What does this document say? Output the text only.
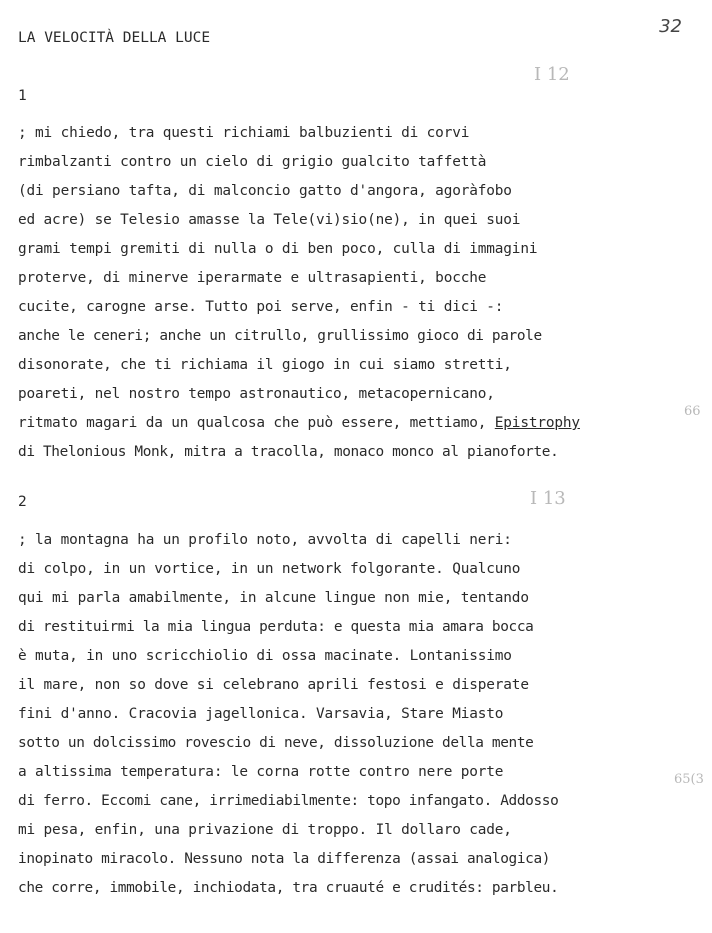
LA VELOCITÀ DELLA LUCE
32
I 12
I 13
66
65(3
1
; mi chiedo, tra questi richiami balbuzienti di corvi
rimbalzanti contro un cielo di grigio gualcito taffettà
(di persiano tafta, di malconcio gatto d'angora, agoràfobo
ed acre) se Telesio amasse la Tele(vi)sio(ne), in quei suoi
grami tempi gremiti di nulla o di ben poco, culla di immagini
proterve, di minerve iperarmate e ultrasapienti, bocche
cucite, carogne arse. Tutto poi serve, enfin - ti dici -:
anche le ceneri; anche un citrullo, grullissimo gioco di parole
disonorate, che ti richiama il giogo in cui siamo stretti,
poareti, nel nostro tempo astronautico, metacopernicano,
ritmato magari da un qualcosa che può essere, mettiamo, Epistrophy
di Thelonious Monk, mitra a tracolla, monaco monco al pianoforte.
2
; la montagna ha un profilo noto, avvolta di capelli neri:
di colpo, in un vortice, in un network folgorante. Qualcuno
qui mi parla amabilmente, in alcune lingue non mie, tentando
di restituirmi la mia lingua perduta: e questa mia amara bocca
è muta, in uno scricchiolio di ossa macinate. Lontanissimo
il mare, non so dove si celebrano aprili festosi e disperate
fini d'anno. Cracovia jagellonica. Varsavia, Stare Miasto
sotto un dolcissimo rovescio di neve, dissoluzione della mente
a altissima temperatura: le corna rotte contro nere porte
di ferro. Eccomi cane, irrimediabilmente: topo infangato. Addosso
mi pesa, enfin, una privazione di troppo. Il dollaro cade,
inopinato miracolo. Nessuno nota la differenza (assai analogica)
che corre, immobile, inchiodata, tra cruauté e crudités: parbleu.
